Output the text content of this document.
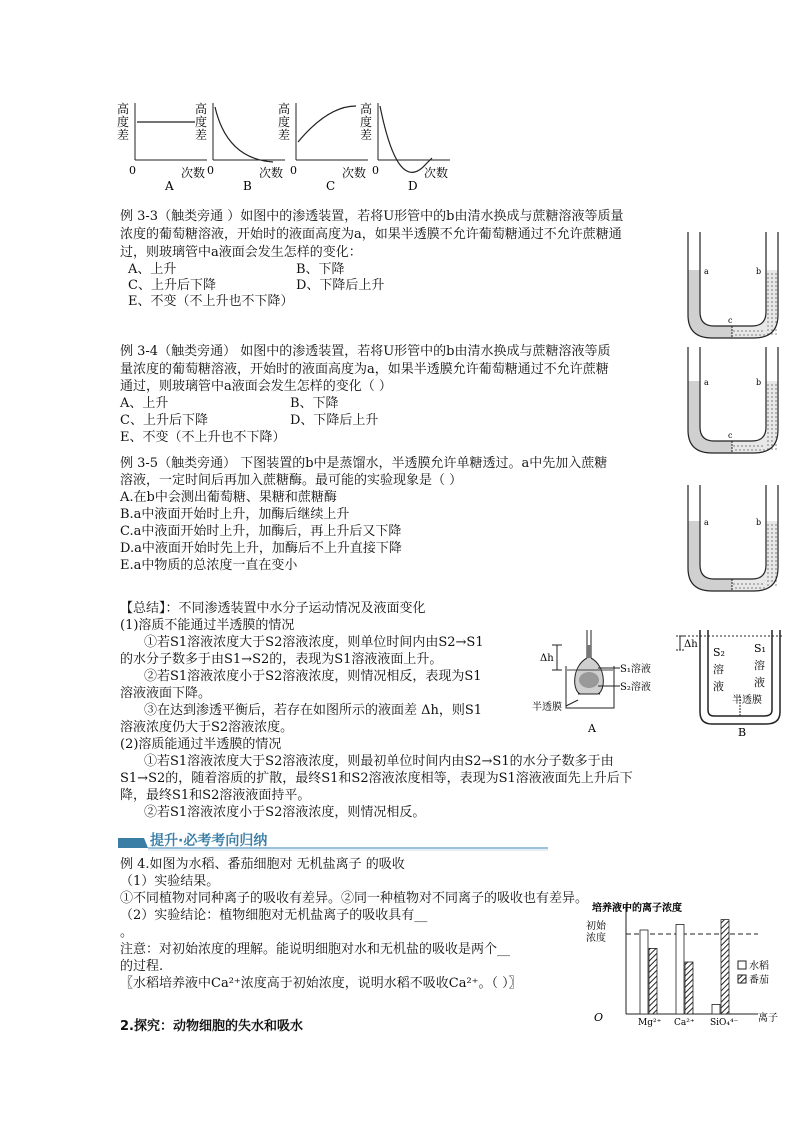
高
度
差
0	次数
A
高
度
差
0	次数
B
高
度
差
0	次数
C
高
度
差
0	次数
D
例 3-3（触类旁通 ）如图中的渗透装置，若将U形管中的b由清水换成与蔗糖溶液等质量
浓度的葡萄糖溶液，开始时的液面高度为a，如果半透膜不允许葡萄糖通过不允许蔗糖通
过，则玻璃管中a液面会发生怎样的变化：
A、上升	B、下降
C、上升后下降	D、下降后上升
E、不变（不上升也不下降）
a	b
c
a	b
c
a	b
例 3-4（触类旁通） 如图中的渗透装置，若将U形管中的b由清水换成与蔗糖溶液等质
量浓度的葡萄糖溶液，开始时的液面高度为a，如果半透膜允许葡萄糖通过不允许蔗糖
通过，则玻璃管中a液面会发生怎样的变化（ ）
A、上升	B、下降
C、上升后下降	D、下降后上升
E、不变（不上升也不下降）
例 3-5（触类旁通） 下图装置的b中是蒸馏水，半透膜允许单糖透过。a中先加入蔗糖
溶液，一定时间后再加入蔗糖酶。最可能的实验现象是（ ）
A.在b中会测出葡萄糖、果糖和蔗糖酶
B.a中液面开始时上升，加酶后继续上升
C.a中液面开始时上升，加酶后，再上升后又下降
D.a中液面开始时先上升，加酶后不上升直接下降
E.a中物质的总浓度一直在变小
【总结】：不同渗透装置中水分子运动情况及液面变化
(1)溶质不能通过半透膜的情况
①若S1溶液浓度大于S2溶液浓度，则单位时间内由S2→S1
的水分子数多于由S1→S2的，表现为S1溶液液面上升。
②若S1溶液浓度小于S2溶液浓度，则情况相反，表现为S1
溶液液面下降。
③在达到渗透平衡后，若存在如图所示的液面差 Δh，则S1
溶液浓度仍大于S2溶液浓度。
(2)溶质能通过半透膜的情况
①若S1溶液浓度大于S2溶液浓度，则最初单位时间内由S2→S1的水分子数多于由
S1→S2的，随着溶质的扩散，最终S1和S2溶液浓度相等，表现为S1溶液液面先上升后下
降，最终S1和S2溶液液面持平。
②若S1溶液浓度小于S2溶液浓度，则情况相反。
Δh
S₁溶液
S₂溶液
半透膜
A
Δh
S₂
溶
液
S₁
溶
液
半透膜
B
提升·必考考向归纳
例 4.如图为水稻、番茄细胞对 无机盐离子 的吸收
（1）实验结果。
①不同植物对同种离子的吸收有差异。②同一种植物对不同离子的吸收也有差异。
（2）实验结论：植物细胞对无机盐离子的吸收具有__
。
注意：对初始浓度的理解。能说明细胞对水和无机盐的吸收是两个__
的过程.
〖水稻培养液中Ca²⁺浓度高于初始浓度，说明水稻不吸收Ca²⁺。（ ）〗
培养液中的离子浓度
初始
浓度
O	离子
Mg²⁺ Ca²⁺ SiO₄⁴⁻
水稻
番茄
2.探究：动物细胞的失水和吸水
